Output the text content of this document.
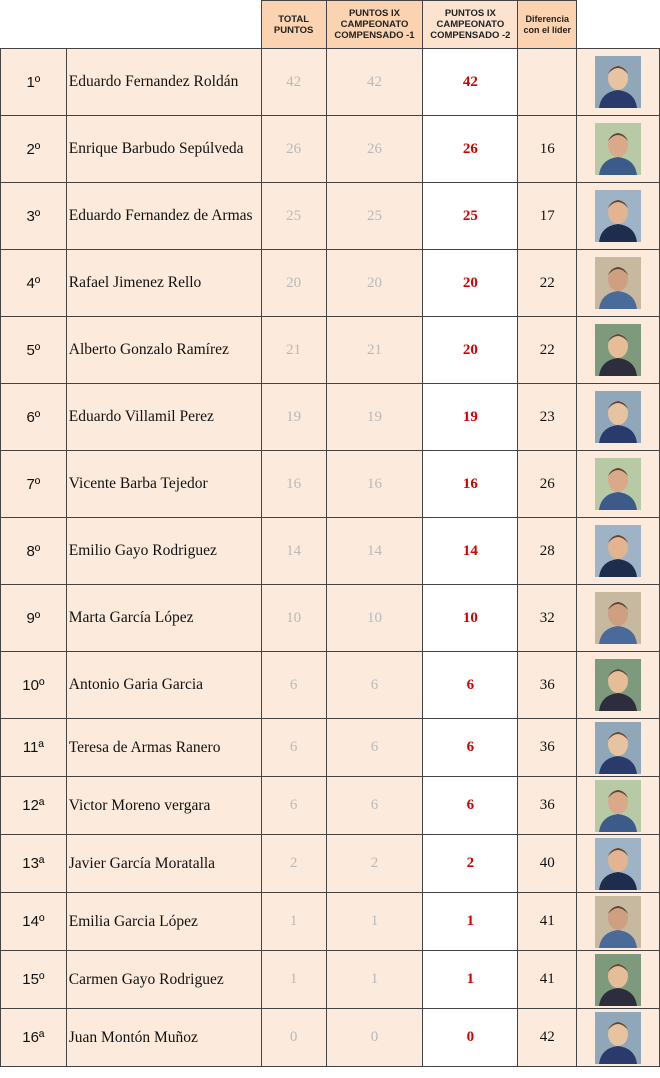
		TOTAL PUNTOS	PUNTOS IX CAMPEONATO COMPENSADO -1	PUNTOS IX CAMPEONATO COMPENSADO -2	Diferencia con el líder	
1º	Eduardo Fernandez Roldán	42	42	42		

2º	Enrique Barbudo Sepúlveda	26	26	26	16	

3º	Eduardo Fernandez de Armas	25	25	25	17	

4º	Rafael Jimenez Rello	20	20	20	22	

5º	Alberto Gonzalo Ramírez	21	21	20	22	

6º	Eduardo Villamil Perez	19	19	19	23	

7º	Vicente Barba Tejedor	16	16	16	26	

8º	Emilio Gayo Rodriguez	14	14	14	28	

9º	Marta García López	10	10	10	32	

10º	Antonio Garia Garcia	6	6	6	36	

11ª	Teresa de Armas Ranero	6	6	6	36	

12ª	Victor Moreno vergara	6	6	6	36	

13ª	Javier García Moratalla	2	2	2	40	

14º	Emilia Garcia López	1	1	1	41	

15º	Carmen Gayo Rodriguez	1	1	1	41	

16ª	Juan Montón Muñoz	0	0	0	42	
